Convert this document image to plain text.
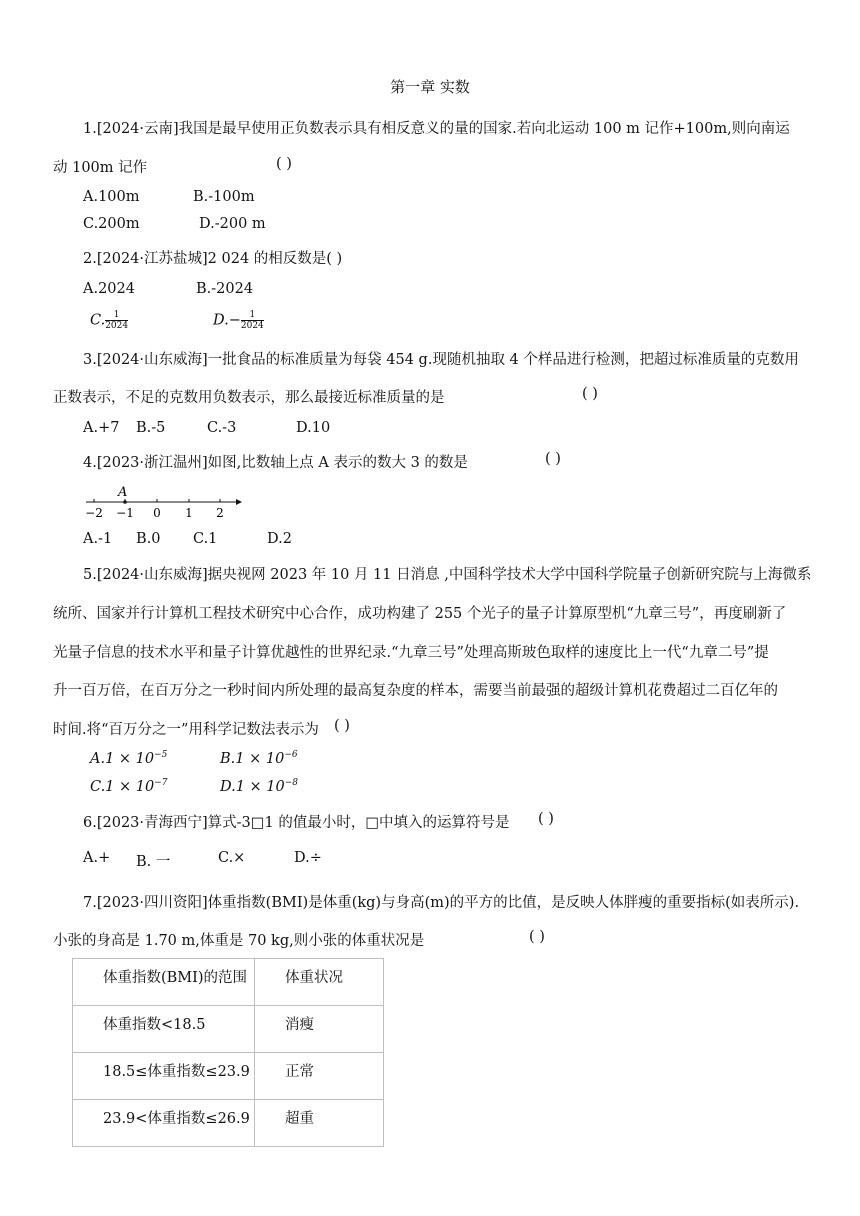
第一章 实数
1.[2024·云南]我国是最早使用正负数表示具有相反意义的量的国家.若向北运动 100 m 记作+100m,则向南运
动 100m 记作	( )
A.100m	B.-100m
C.200m	D.-200 m
2.[2024·江苏盐城]2 024 的相反数是( )
A.2024	B.-2024
C. $\frac{1}{2024}$	$D.- \frac{1}{2024}$
3.[2024·山东威海]一批食品的标准质量为每袋 454 g.现随机抽取 4 个样品进行检测，把超过标准质量的克数用
正数表示，不足的克数用负数表示，那么最接近标准质量的是	( )
A.+7 B.-5	C.-3	D.10
4.[2023·浙江温州]如图,比数轴上点 A 表示的数大 3 的数是	( )
A
−2 −1 0 1 2
A.-1 B.0 C.1	D.2
5.[2024·山东威海]据央视网 2023 年 10 月 11 日消息 ,中国科学技术大学中国科学院量子创新研究院与上海微系
统所、国家并行计算机工程技术研究中心合作，成功构建了 255 个光子的量子计算原型机“九章三号”，再度刷新了
光量子信息的技术水平和量子计算优越性的世界纪录.“九章三号”处理高斯玻色取样的速度比上一代“九章二号”提
升一百万倍，在百万分之一秒时间内所处理的最高复杂度的样本，需要当前最强的超级计算机花费超过二百亿年的
时间.将“百万分之一”用科学记数法表示为 ( )
$A.1 \times 10^{-5}$	$B.1 \times 10^{-6}$
$C.1 \times 10^{-7}$	$D.1 \times 10^{-8}$
6.[2023·青海西宁]算式-3□1 的值最小时，□中填入的运算符号是 ( )
A.+ B. 一	C.×	D.÷
7.[2023·四川资阳]体重指数(BMI)是体重(kg)与身高(m)的平方的比值，是反映人体胖瘦的重要指标(如表所示).
小张的身高是 1.70 m,体重是 70 kg,则小张的体重状况是	( )
体重指数(BMI)的范围	体重状况
体重指数<18.5	消瘦
18.5≤体重指数≤23.9	正常
23.9<体重指数≤26.9	超重
